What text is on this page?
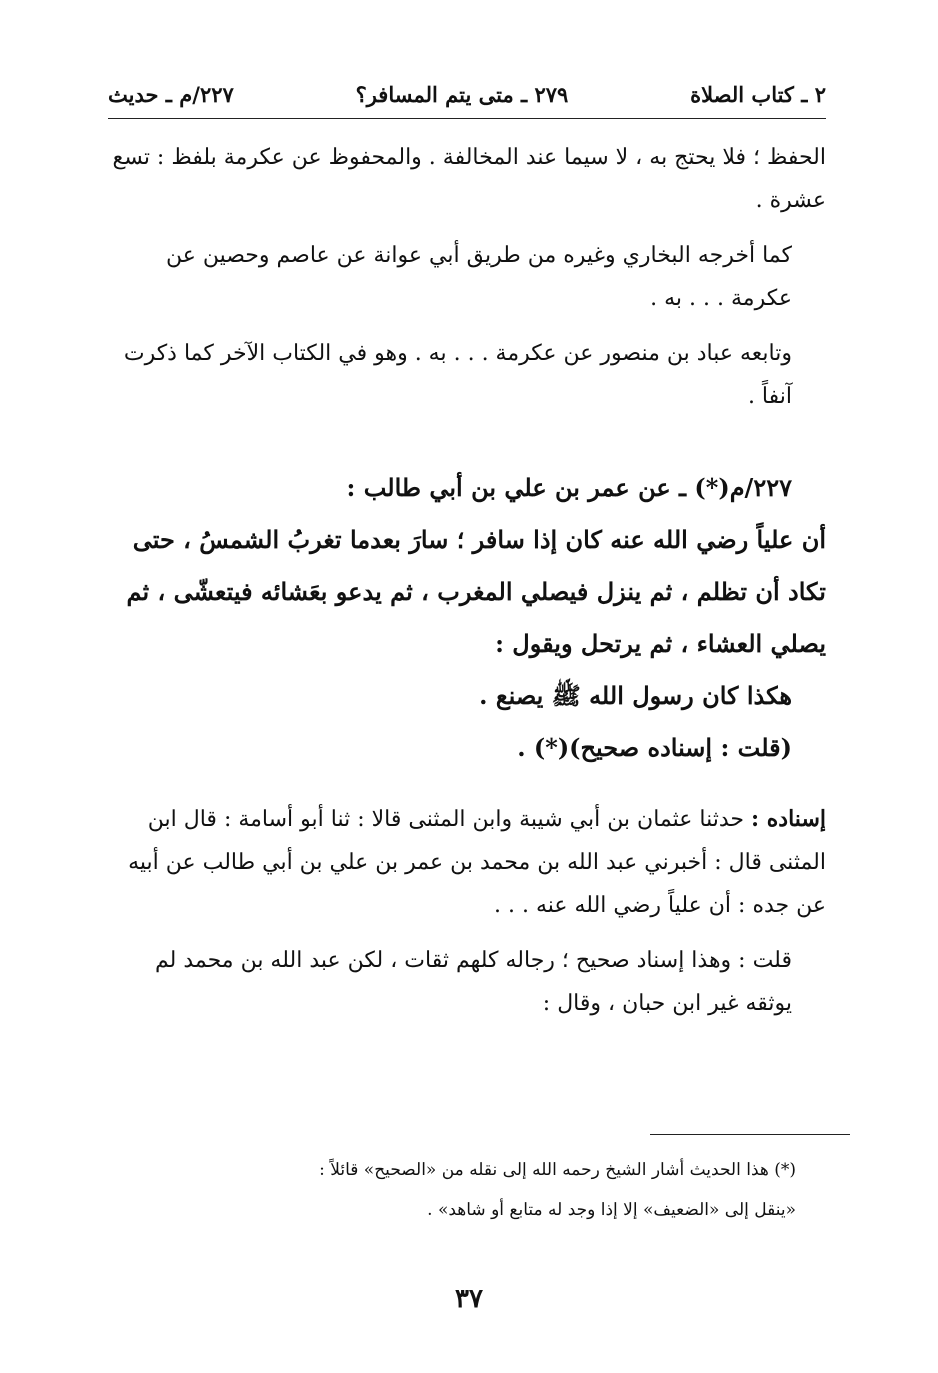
٢ ـ كتاب الصلاة
٢٧٩ ـ متى يتم المسافر؟
٢٢٧/م ـ حديث

الحفظ ؛ فلا يحتج به ، لا سيما عند المخالفة . والمحفوظ عن عكرمة بلفظ : تسع عشرة .

كما أخرجه البخاري وغيره من طريق أبي عوانة عن عاصم وحصين عن عكرمة . . . به .

وتابعه عباد بن منصور عن عكرمة . . . به . وهو في الكتاب الآخر كما ذكرت آنفاً .

٢٢٧/م(*) ـ عن عمر بن علي بن أبي طالب :

أن علياً رضي الله عنه كان إذا سافر ؛ سارَ بعدما تغربُ الشمسُ ، حتى تكاد أن تظلم ، ثم ينزل فيصلي المغرب ، ثم يدعو بعَشائه فيتعشّى ، ثم يصلي العشاء ، ثم يرتحل ويقول :

هكذا كان رسول الله ﷺ يصنع .

(قلت : إسناده صحيح)(*) .

إسناده : حدثنا عثمان بن أبي شيبة وابن المثنى قالا : ثنا أبو أسامة : قال ابن المثنى قال : أخبرني عبد الله بن محمد بن عمر بن علي بن أبي طالب عن أبيه عن جده : أن علياً رضي الله عنه . . .

قلت : وهذا إسناد صحيح ؛ رجاله كلهم ثقات ، لكن عبد الله بن محمد لم يوثقه غير ابن حبان ، وقال :

(*) هذا الحديث أشار الشيخ رحمه الله إلى نقله من «الصحيح» قائلاً :

«ينقل إلى «الضعيف» إلا إذا وجد له متابع أو شاهد» .

٣٧
